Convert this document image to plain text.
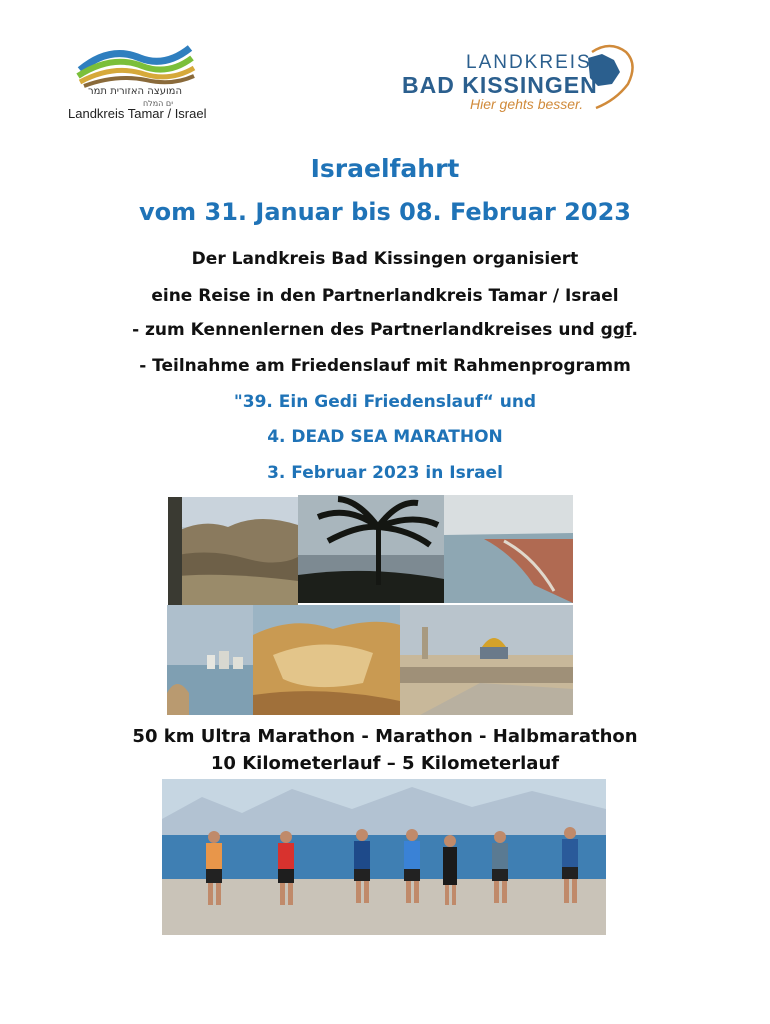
המועצה האזורית תמר
ים המלח
Landkreis Tamar / Israel
LANDKREIS
BAD KISSINGEN
Hier gehts besser.
Israelfahrt
vom 31. Januar bis 08. Februar 2023
Der Landkreis Bad Kissingen organisiert
eine Reise in den Partnerlandkreis Tamar / Israel
- zum Kennenlernen des Partnerlandkreises und ggf.
- Teilnahme am Friedenslauf mit Rahmenprogramm
"39. Ein Gedi Friedenslauf“ und
4. DEAD SEA MARATHON
3. Februar 2023 in Israel
50 km Ultra Marathon - Marathon - Halbmarathon
10 Kilometerlauf – 5 Kilometerlauf
